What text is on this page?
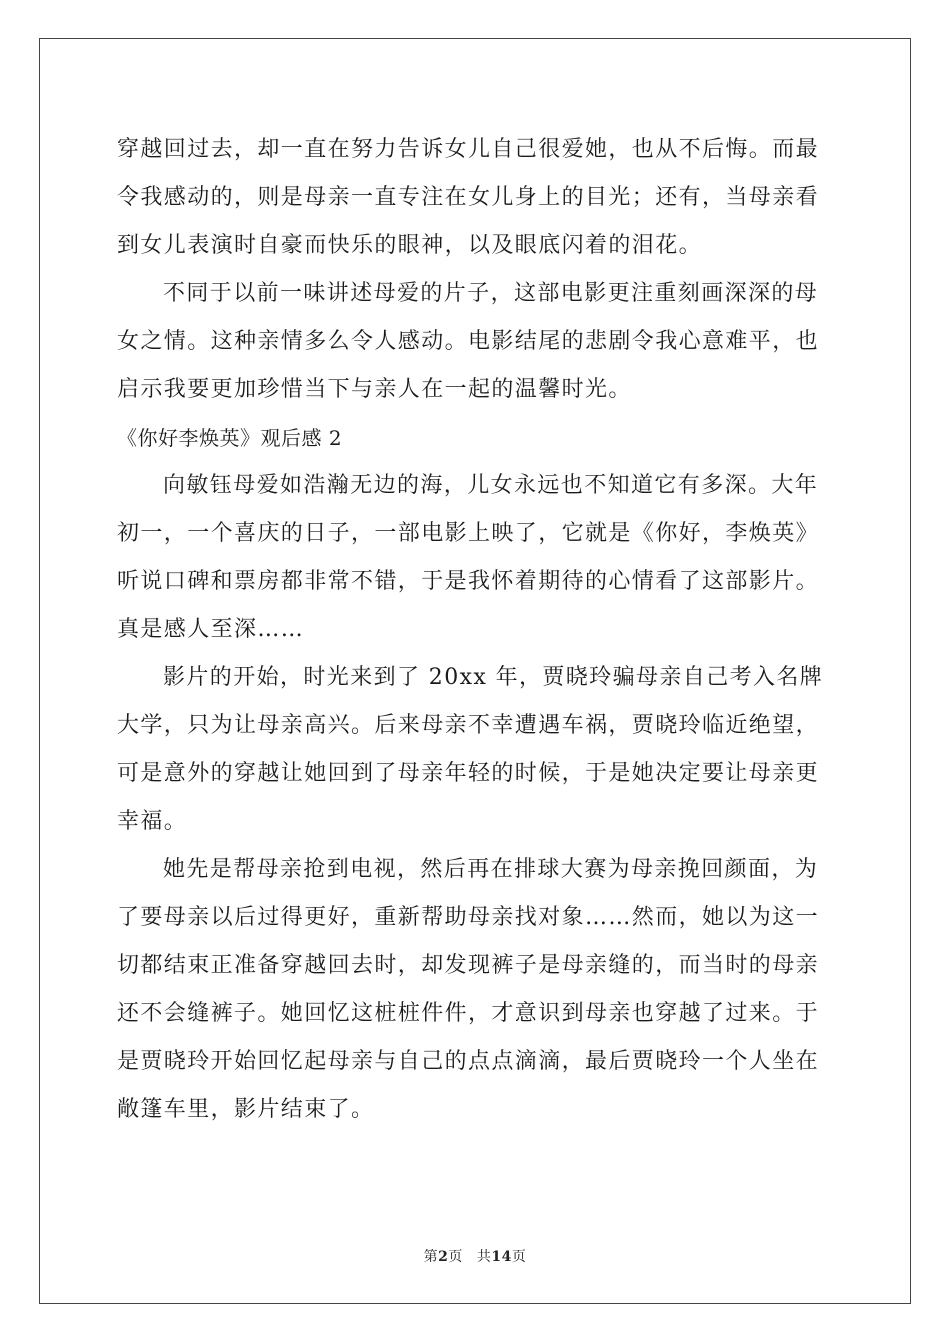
穿越回过去，却一直在努力告诉女儿自己很爱她，也从不后悔。而最
令我感动的，则是母亲一直专注在女儿身上的目光；还有，当母亲看
到女儿表演时自豪而快乐的眼神，以及眼底闪着的泪花。

不同于以前一味讲述母爱的片子，这部电影更注重刻画深深的母
女之情。这种亲情多么令人感动。电影结尾的悲剧令我心意难平，也
启示我要更加珍惜当下与亲人在一起的温馨时光。

《你好李焕英》观后感 2

向敏钰母爱如浩瀚无边的海，儿女永远也不知道它有多深。大年
初一，一个喜庆的日子，一部电影上映了，它就是《你好，李焕英》
听说口碑和票房都非常不错，于是我怀着期待的心情看了这部影片。
真是感人至深……

影片的开始，时光来到了 20xx 年，贾晓玲骗母亲自己考入名牌
大学，只为让母亲高兴。后来母亲不幸遭遇车祸，贾晓玲临近绝望，
可是意外的穿越让她回到了母亲年轻的时候，于是她决定要让母亲更
幸福。

她先是帮母亲抢到电视，然后再在排球大赛为母亲挽回颜面，为
了要母亲以后过得更好，重新帮助母亲找对象……然而，她以为这一
切都结束正准备穿越回去时，却发现裤子是母亲缝的，而当时的母亲
还不会缝裤子。她回忆这桩桩件件，才意识到母亲也穿越了过来。于
是贾晓玲开始回忆起母亲与自己的点点滴滴，最后贾晓玲一个人坐在
敞篷车里，影片结束了。

第2页 共14页
